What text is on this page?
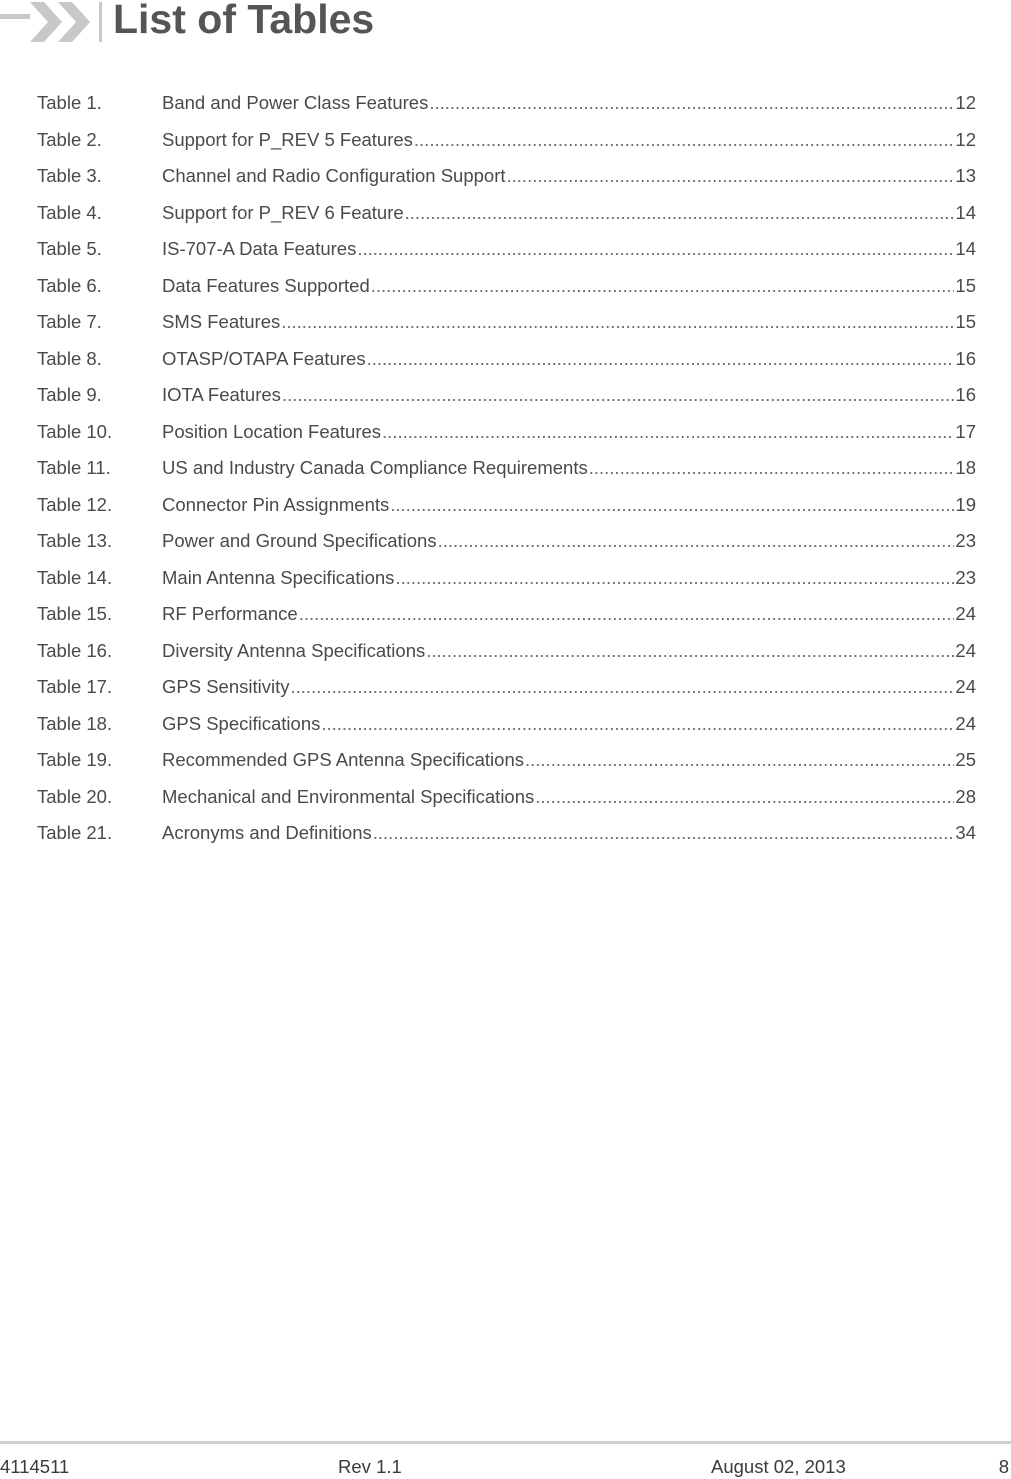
List of Tables
Table 1.	Band and Power Class Features .....	12
Table 2.	Support for P_REV 5 Features .....	12
Table 3.	Channel and Radio Configuration Support .....	13
Table 4.	Support for P_REV 6 Feature .....	14
Table 5.	IS-707-A Data Features .....	14
Table 6.	Data Features Supported .....	15
Table 7.	SMS Features .....	15
Table 8.	OTASP/OTAPA Features .....	16
Table 9.	IOTA Features .....	16
Table 10.	Position Location Features .....	17
Table 11.	US and Industry Canada Compliance Requirements .....	18
Table 12.	Connector Pin Assignments .....	19
Table 13.	Power and Ground Specifications .....	23
Table 14.	Main Antenna Specifications .....	23
Table 15.	RF Performance .....	24
Table 16.	Diversity Antenna Specifications .....	24
Table 17.	GPS Sensitivity .....	24
Table 18.	GPS Specifications .....	24
Table 19.	Recommended GPS Antenna Specifications .....	25
Table 20.	Mechanical and Environmental Specifications .....	28
Table 21.	Acronyms and Definitions .....	34
4114511	Rev 1.1	August 02, 2013	8
